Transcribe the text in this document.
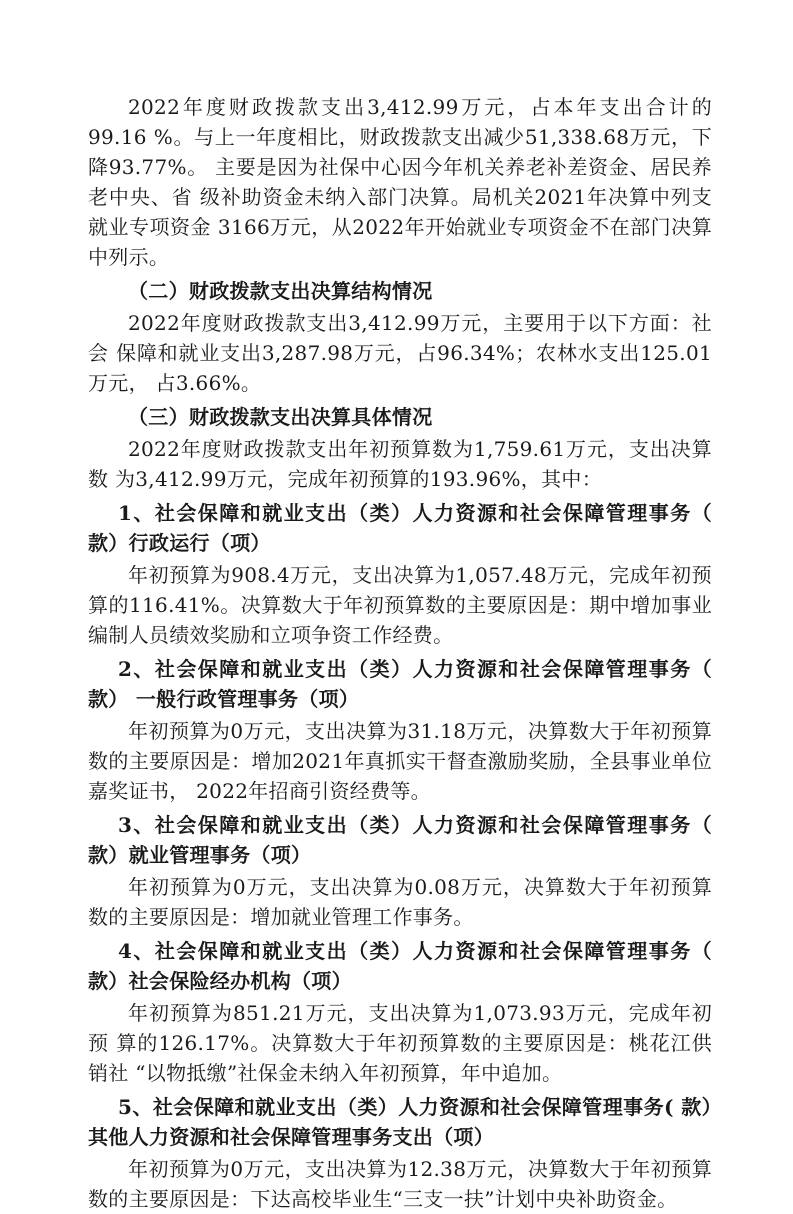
2022年度财政拨款支出3,412.99万元，占本年支出合计的99.16 %。与上一年度相比，财政拨款支出减少51,338.68万元，下降93.77%。 主要是因为社保中心因今年机关养老补差资金、居民养老中央、省 级补助资金未纳入部门决算。局机关2021年决算中列支就业专项资金 3166万元，从2022年开始就业专项资金不在部门决算中列示。

（二）财政拨款支出决算结构情况

2022年度财政拨款支出3,412.99万元，主要用于以下方面：社会 保障和就业支出3,287.98万元，占96.34%；农林水支出125.01万元， 占3.66%。

（三）财政拨款支出决算具体情况

2022年度财政拨款支出年初预算数为1,759.61万元，支出决算数 为3,412.99万元，完成年初预算的193.96%，其中：

1、社会保障和就业支出（类）人力资源和社会保障管理事务（ 款）行政运行（项）

年初预算为908.4万元，支出决算为1,057.48万元，完成年初预 算的116.41%。决算数大于年初预算数的主要原因是：期中增加事业 编制人员绩效奖励和立项争资工作经费。

2、社会保障和就业支出（类）人力资源和社会保障管理事务（ 款） 一般行政管理事务（项）

年初预算为0万元，支出决算为31.18万元，决算数大于年初预算 数的主要原因是：增加2021年真抓实干督查激励奖励，全县事业单位 嘉奖证书， 2022年招商引资经费等。

3、社会保障和就业支出（类）人力资源和社会保障管理事务（ 款）就业管理事务（项）

年初预算为0万元，支出决算为0.08万元，决算数大于年初预算 数的主要原因是：增加就业管理工作事务。

4、社会保障和就业支出（类）人力资源和社会保障管理事务（ 款）社会保险经办机构（项）

年初预算为851.21万元，支出决算为1,073.93万元，完成年初预 算的126.17%。决算数大于年初预算数的主要原因是：桃花江供销社 “以物抵缴”社保金未纳入年初预算，年中追加。

5、社会保障和就业支出（类）人力资源和社会保障管理事务( 款）其他人力资源和社会保障管理事务支出（项）

年初预算为0万元，支出决算为12.38万元，决算数大于年初预算数的主要原因是：下达高校毕业生“三支一扶”计划中央补助资金。
